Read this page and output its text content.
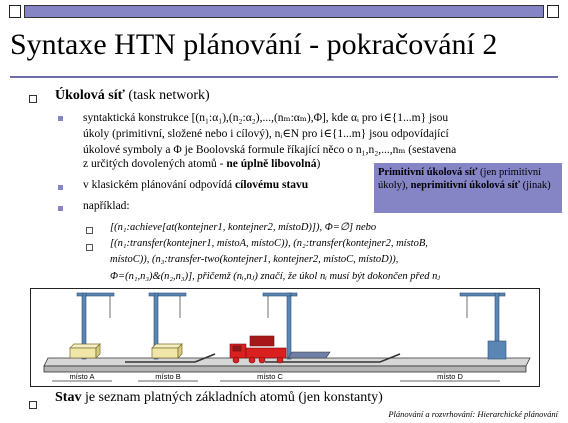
Syntaxe HTN plánování - pokračování 2
Úkolová síť (task network)
syntaktická konstrukce [(n₁:α₁),(n₂:α₂),...,(nₘ:αₘ),Φ], kde αᵢ pro i∈{1...m} jsou
úkoly (primitivní, složené nebo i cílový), nᵢ∈N pro i∈{1...m} jsou odpovídající
úkolové symboly a Φ je Boolovská formule říkající něco o n₁,n₂,...,nₘ (sestavena
z určitých dovolených atomů - ne úplně libovolná)
v klasickém plánování odpovídá cílovému stavu
například:
[(n₁:achieve[at(kontejner1, kontejner2, místoD)]), Φ=∅] nebo
[(n₁:transfer(kontejner1, místoA, místoC)), (n₂:transfer(kontejner2, místoB,
místoC)), (n₃:transfer-two(kontejner1, kontejner2, místoC, místoD)),
Φ=(n₁,n₃)&(n₂,n₃)], přičemž (nᵢ,nⱼ) značí, že úkol nᵢ musí být dokončen před nⱼ
Primitivní úkolová síť (jen primitivní úkoly), neprimitivní úkolová síť (jinak)
místo A	místo B	místo C	místo D
Stav je seznam platných základních atomů (jen konstanty)
Plánování a rozvrhování: Hierarchické plánování
